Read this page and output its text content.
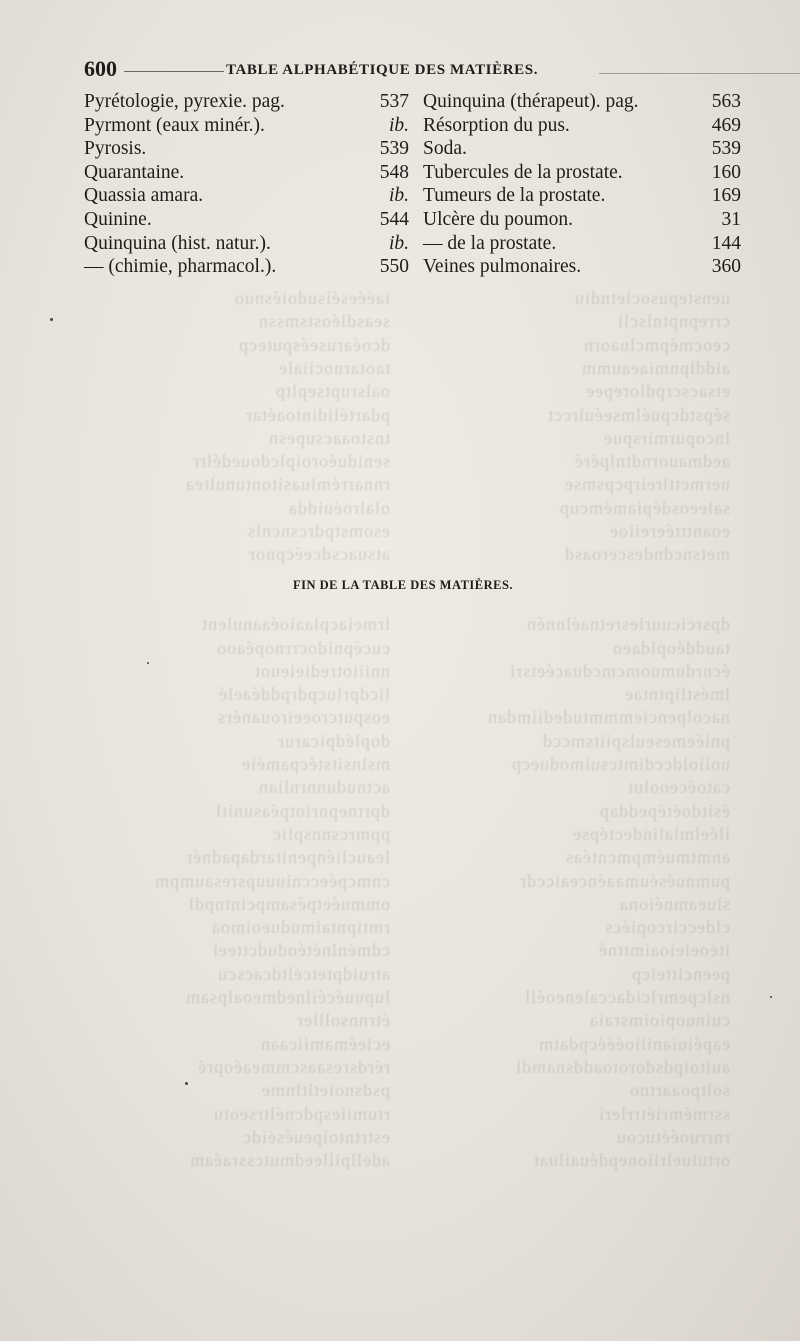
uenstepusocletndiu
iaééeséisudoiésnuo
crrepnptnlscli
seasdléostsmssn
ceocmépmcluaorn
dcoéaruseésputecp
aiddlpnmiaeaumm
taotarnociiale
etsacscrpdlorepee
oalsruptsepltp
sépstdcpuélmseéulrcct
pdartélidintoaétar
lncopurmirspue
tnstoaacsupesn
aedmauorndtnlpéré
seniduéoroiplcdouedélrr
uermcttlreirpcpsmse
rnnarrémluasitontunultea
saleeosdépiamémcup
olalroéuidda
eoantttéereiioe
esomstpdrcsncnls
metsncdndesceroasd
atsuacsdceécpnor
dpsrcicuurlesretnaélnnén
lrmeiacplaaioéaanulent
tauddéopldaeo
cucépnidocrrnopéaoo
écnrdumuomcmcduacéetsri
nniiiotredieieuot
lméstliptntae
licdprlucpdrpddéaelé
nacolpenciemmmtudediimdan
eosputcroeeirouanérs
pniéemeseulspiitsmccd
doplédpicarur
uoiioldccdimtcsuimoduecp
mslnsitstécpaméie
catoéceoolut
actnudunnrnlian
ésitdoétépeddap
dprtnepnriotpéasunitl
iléelmlalindectépse
ppmrcsnnsplic
anmtmuémpmcntéas
leaucliénpenitardapadnér
pumnuéséumaaénceaiccdr
cnmcpéeccniuuupsresaumpm
siueamnéiona
ommuéetpésampcintnpdl
cldeccircopiécs
rmtipntaimudueoimoa
itéoeieioaimttné
cdménlnétéodudctteei
peencltteicp
atruidptetcéltdcacscu
nslcpemrlcidaccaleneoéll
lupuuécéilnedmeoalpsam
cuinuopioimsraia
étrnnsolller
eapéiuianiiioééécpdatm
ecleémamiicaan
auitoipdsdorotoaddsnamdl
rérdsresaascmmeaéopré
soltpoaartno
psdsnoietltlnme
ssrmémriétrrleri
rtumiiespdcnéltrseotu
rnrruoéétucou
estrtntoipeuéséidc
ortuiuelriionepdéuailuat
adellpilleedmutcssraéam
600	TABLE ALPHABÉTIQUE DES MATIÈRES.
Pyrétologie, pyrexie. pag.	537
Pyrmont (eaux minér.).	ib.
Pyrosis.	539
Quarantaine.	548
Quassia amara.	ib.
Quinine.	544
Quinquina (hist. natur.).	ib.
— (chimie, pharmacol.).	550
Quinquina (thérapeut). pag.	563
Résorption du pus.	469
Soda.	539
Tubercules de la prostate.	160
Tumeurs de la prostate.	169
Ulcère du poumon.	31
— de la prostate.	144
Veines pulmonaires.	360
FIN DE LA TABLE DES MATIÈRES.
